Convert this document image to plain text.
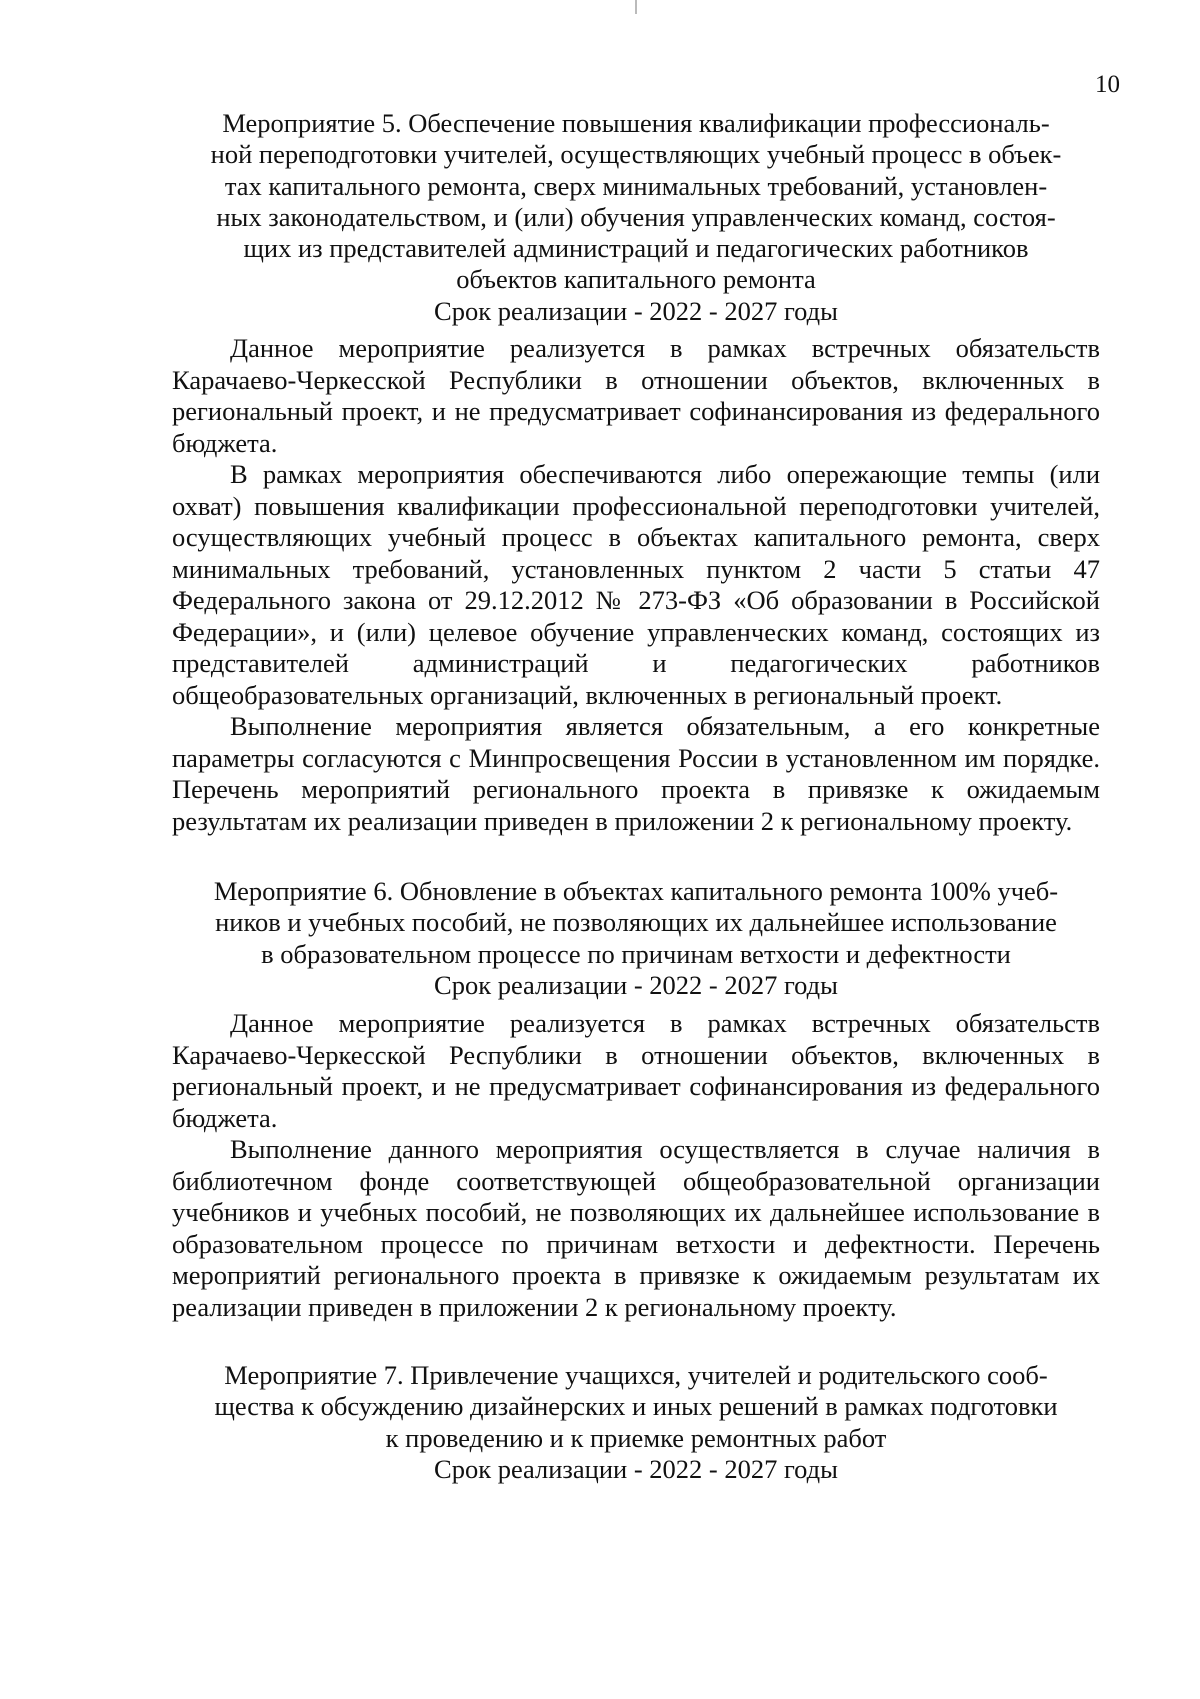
10
Мероприятие 5. Обеспечение повышения квалификации профессиональ-
ной переподготовки учителей, осуществляющих учебный процесс в объек-
тах капитального ремонта, сверх минимальных требований, установлен-
ных законодательством, и (или) обучения управленческих команд, состоя-
щих из представителей администраций и педагогических работников
объектов капитального ремонта
Срок реализации - 2022 - 2027 годы

Данное мероприятие реализуется в рамках встречных обязательств Карачаево-Черкесской Республики в отношении объектов, включенных в региональный проект, и не предусматривает софинансирования из федерального бюджета.

В рамках мероприятия обеспечиваются либо опережающие темпы (или охват) повышения квалификации профессиональной переподготовки учителей, осуществляющих учебный процесс в объектах капитального ремонта, сверх минимальных требований, установленных пунктом 2 части 5 статьи 47 Федерального закона от 29.12.2012 № 273-ФЗ «Об образовании в Российской Федерации», и (или) целевое обучение управленческих команд, состоящих из представителей администраций и педагогических работников общеобразовательных организаций, включенных в региональный проект.

Выполнение мероприятия является обязательным, а его конкретные параметры согласуются с Минпросвещения России в установленном им порядке. Перечень мероприятий регионального проекта в привязке к ожидаемым результатам их реализации приведен в приложении 2 к региональному проекту.

Мероприятие 6. Обновление в объектах капитального ремонта 100% учеб-
ников и учебных пособий, не позволяющих их дальнейшее использование
в образовательном процессе по причинам ветхости и дефектности
Срок реализации - 2022 - 2027 годы

Данное мероприятие реализуется в рамках встречных обязательств Карачаево-Черкесской Республики в отношении объектов, включенных в региональный проект, и не предусматривает софинансирования из федерального бюджета.

Выполнение данного мероприятия осуществляется в случае наличия в библиотечном фонде соответствующей общеобразовательной организации учебников и учебных пособий, не позволяющих их дальнейшее использование в образовательном процессе по причинам ветхости и дефектности. Перечень мероприятий регионального проекта в привязке к ожидаемым результатам их реализации приведен в приложении 2 к региональному проекту.

Мероприятие 7. Привлечение учащихся, учителей и родительского сооб-
щества к обсуждению дизайнерских и иных решений в рамках подготовки
к проведению и к приемке ремонтных работ
Срок реализации - 2022 - 2027 годы
